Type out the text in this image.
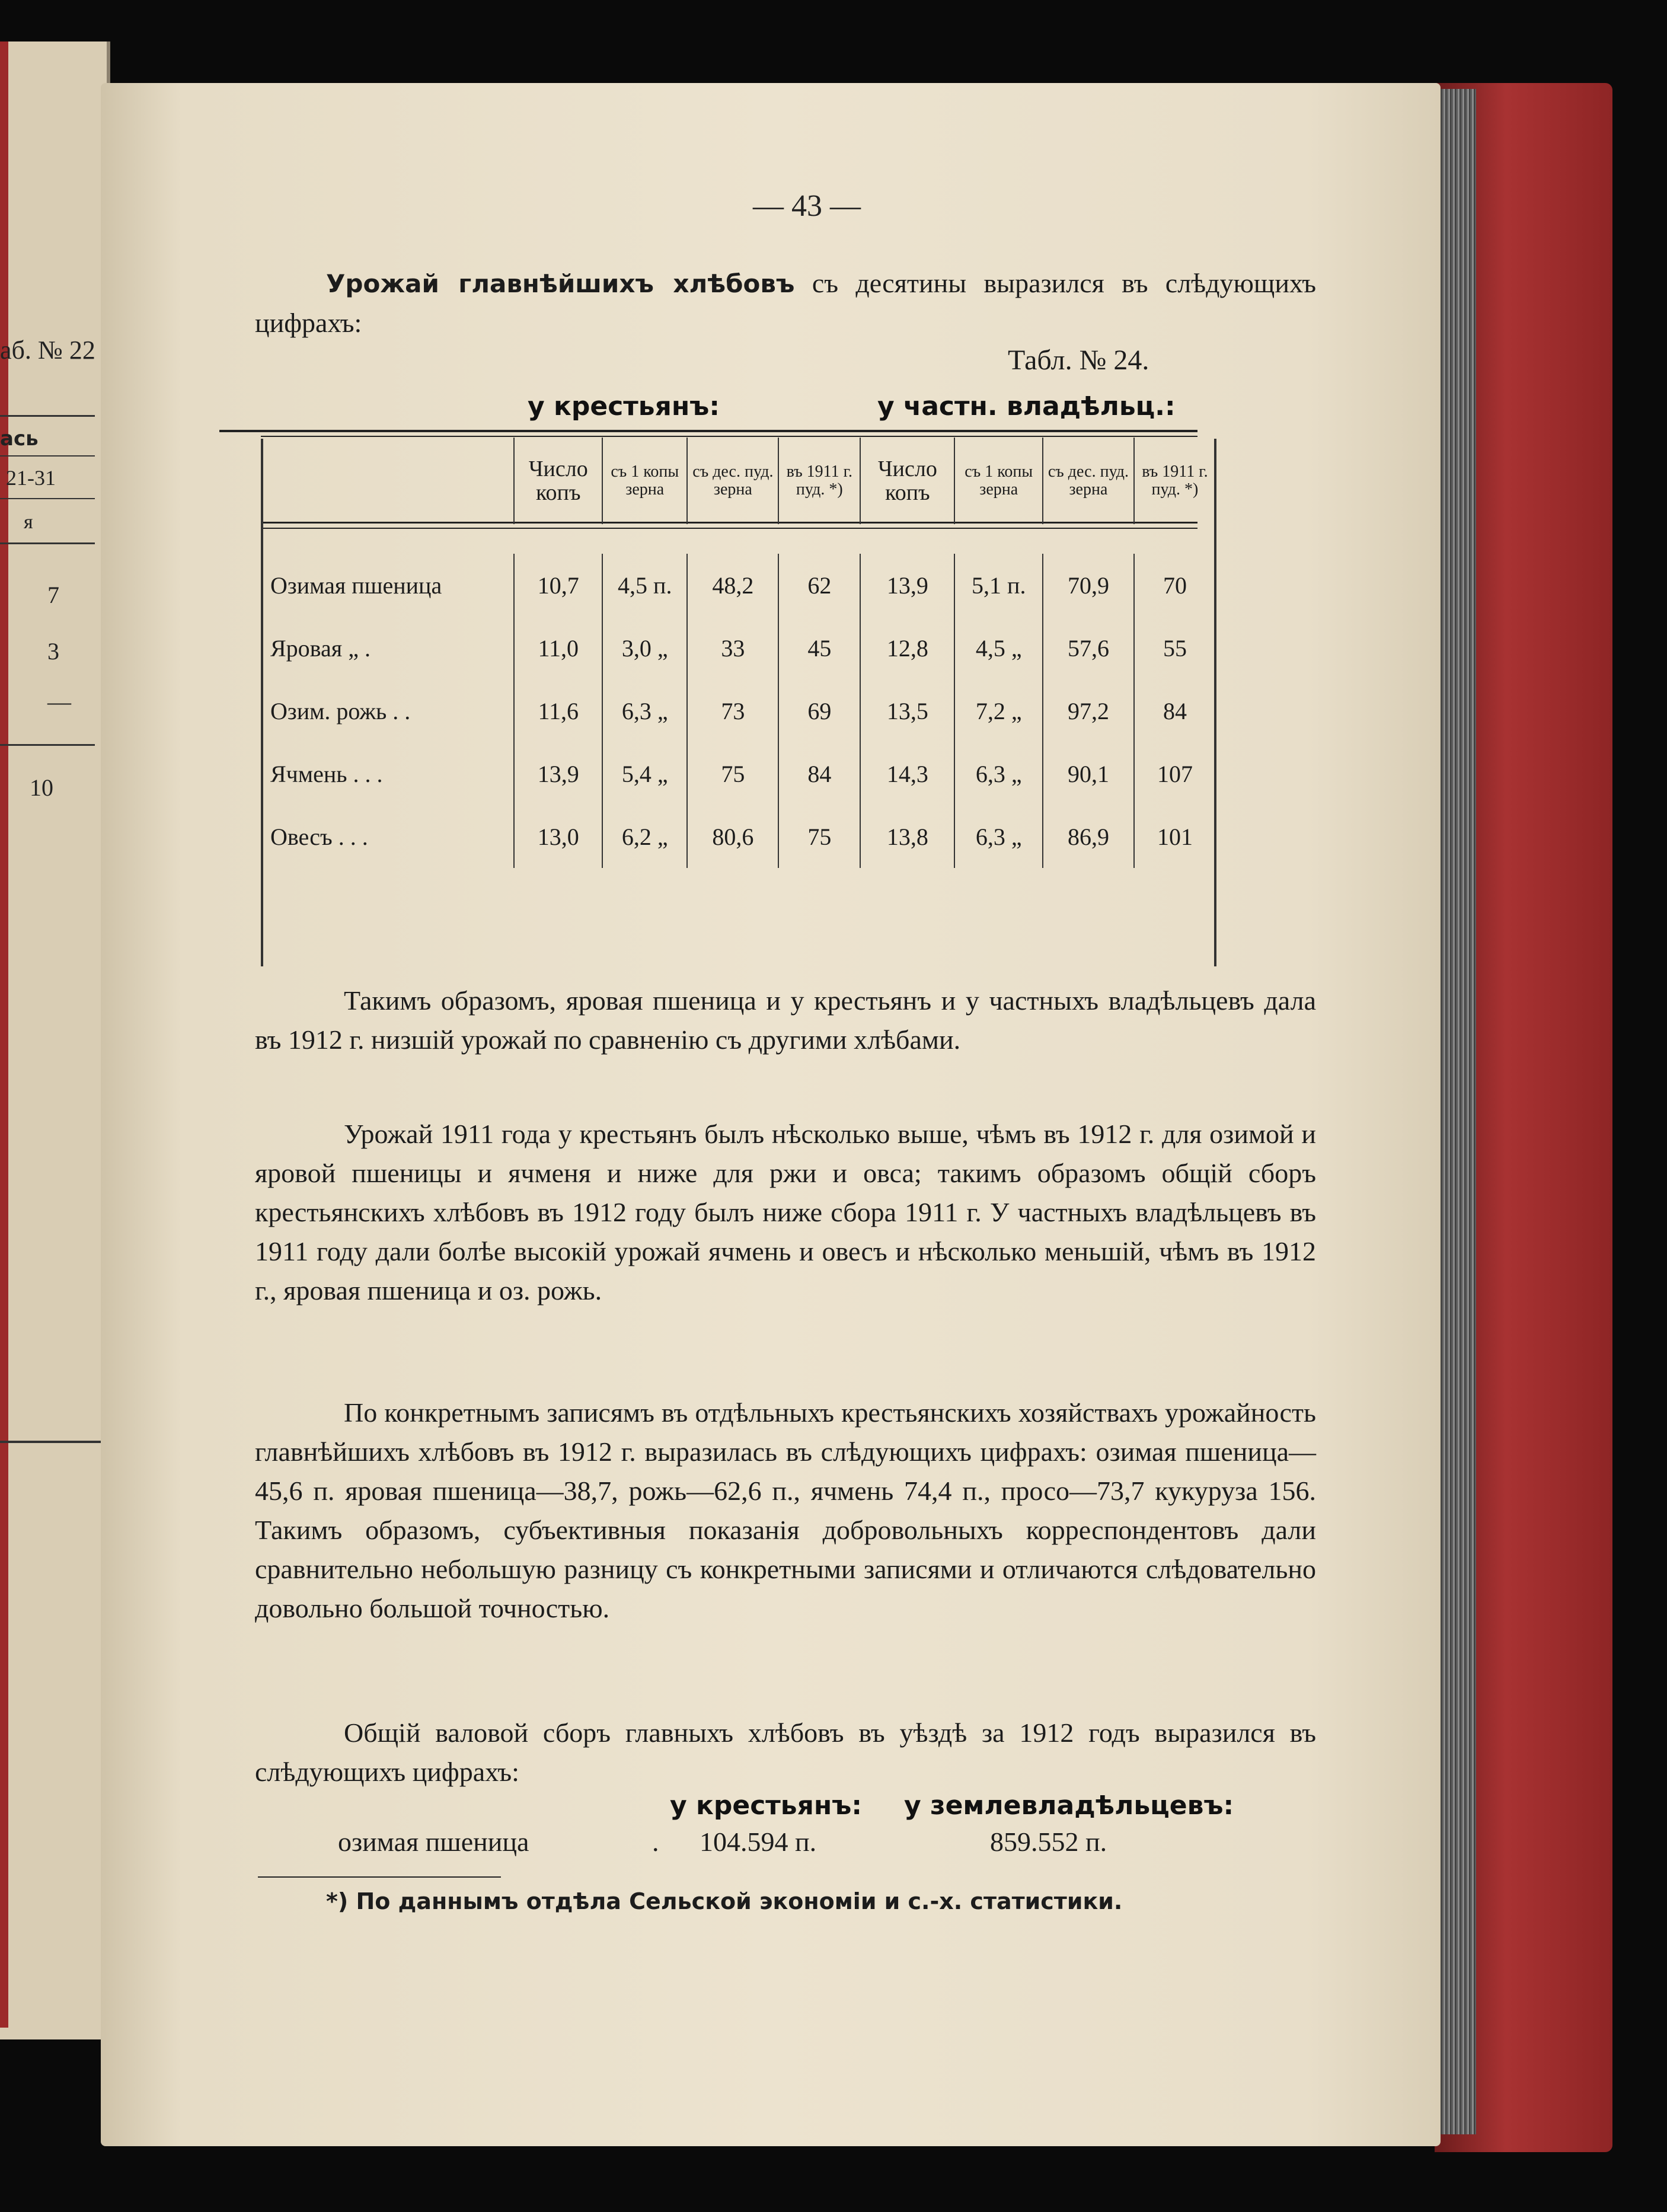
аб. № 22
ась
21-31
я
7
3
—
10
— 43 —
Урожай главнѣйшихъ хлѣбовъ съ десятины выразился въ слѣдующихъ цифрахъ:
Табл. № 24.
у крестьянъ:	у частн. владѣльц.:
	Число копъ	съ 1 копы зерна	съ дес. пуд. зерна	въ 1911 г. пуд. *)	Число копъ	съ 1 копы зерна	съ дес. пуд. зерна	въ 1911 г. пуд. *)

Озимая пшеница	10,7	4,5 п.	48,2	62	13,9	5,1 п.	70,9	70
Яровая „ .	11,0	3,0 „	33	45	12,8	4,5 „	57,6	55
Озим. рожь . .	11,6	6,3 „	73	69	13,5	7,2 „	97,2	84
Ячмень . . .	13,9	5,4 „	75	84	14,3	6,3 „	90,1	107
Овесъ . . .	13,0	6,2 „	80,6	75	13,8	6,3 „	86,9	101
Такимъ образомъ, яровая пшеница и у крестьянъ и у частныхъ владѣльцевъ дала въ 1912 г. низшій урожай по сравненію съ другими хлѣбами.
Урожай 1911 года у крестьянъ былъ нѣсколько выше, чѣмъ въ 1912 г. для озимой и яровой пшеницы и ячменя и ниже для ржи и овса; такимъ образомъ общій сборъ крестьянскихъ хлѣбовъ въ 1912 году былъ ниже сбора 1911 г. У частныхъ владѣльцевъ въ 1911 году дали болѣе высокій урожай ячмень и овесъ и нѣсколько меньшій, чѣмъ въ 1912 г., яровая пшеница и оз. рожь.
По конкретнымъ записямъ въ отдѣльныхъ крестьянскихъ хозяйствахъ урожайность главнѣйшихъ хлѣбовъ въ 1912 г. выразилась въ слѣдующихъ цифрахъ: озимая пшеница—45,6 п. яровая пшеница—38,7, рожь—62,6 п., ячмень 74,4 п., просо—73,7 кукуруза 156. Такимъ образомъ, субъективныя показанія добровольныхъ корреспондентовъ дали сравнительно небольшую разницу съ конкретными записями и отличаются слѣдовательно довольно большой точностью.
Общій валовой сборъ главныхъ хлѣбовъ въ уѣздѣ за 1912 годъ выразился въ слѣдующихъ цифрахъ:
у крестьянъ: у землевладѣльцевъ:
озимая пшеница	. 104.594 п.	859.552 п.
*) По даннымъ отдѣла Сельской экономіи и с.-х. статистики.
